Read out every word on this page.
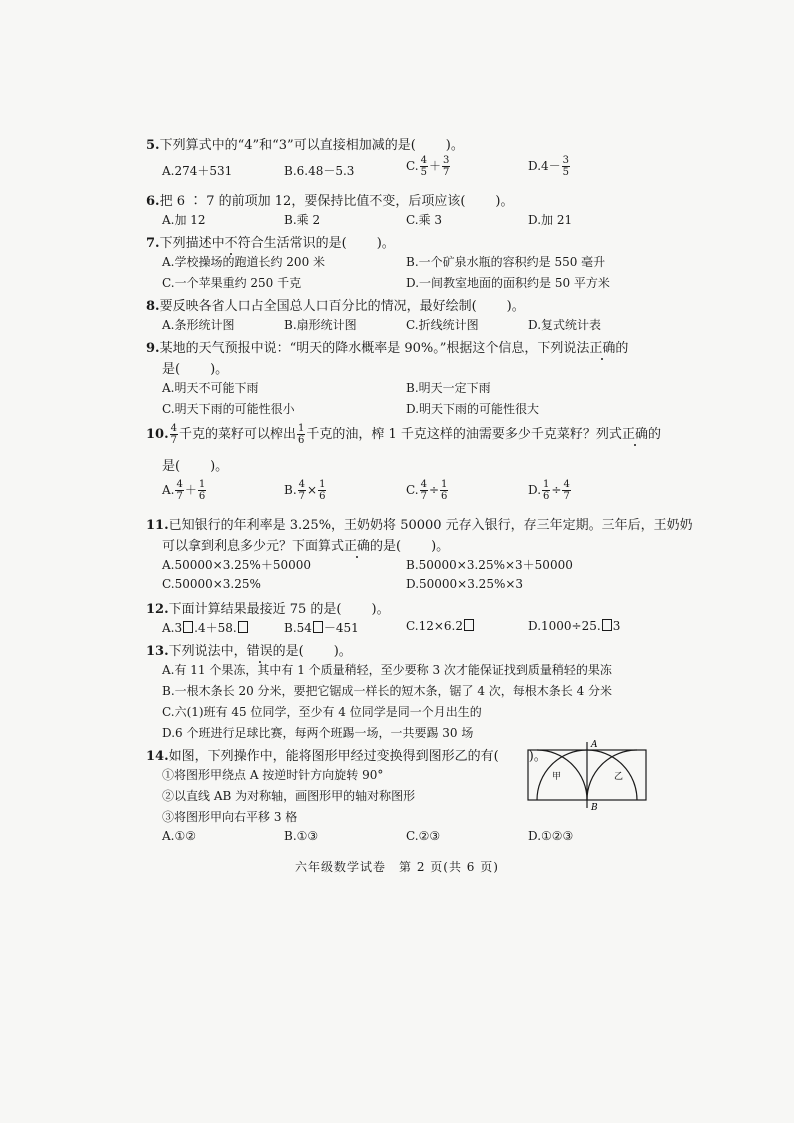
5.下列算式中的“4”和“3”可以直接相加减的是( )。
A.274＋531	B.6.48－5.3	C. $\frac{4}{5} + \frac{3}{7}$	$D.4- \frac{3}{5}$
6.把 6 ∶ 7 的前项加 12，要保持比值不变，后项应该( )。
A.加 12	B.乘 2	C.乘 3	D.加 21
7.下列描述中不符合生活常识的是( )。
A.学校操场的跑道长约 200 米	B.一个矿泉水瓶的容积约是 550 毫升
C.一个苹果重约 250 千克	D.一间教室地面的面积约是 50 平方米
8.要反映各省人口占全国总人口百分比的情况，最好绘制( )。
A.条形统计图	B.扇形统计图	C.折线统计图	D.复式统计表
9.某地的天气预报中说：“明天的降水概率是 90%。”根据这个信息，下列说法正确的
是( )。
A.明天不可能下雨	B.明天一定下雨
C.明天下雨的可能性很小	D.明天下雨的可能性很大
10. $\frac{4}{7}$ 千克的菜籽可以榨出 $\frac{1}{6}$ 千克的油，榨 1 千克这样的油需要多少千克菜籽？列式正确的
是( )。
A. $\frac{4}{7} + \frac{1}{6}$	B. $\frac{4}{7} \times \frac{1}{6}$	C. $\frac{4}{7} \div \frac{1}{6}$	D. $\frac{1}{6} \div \frac{4}{7}$
11.已知银行的年利率是 3.25%，王奶奶将 50000 元存入银行，存三年定期。三年后，王奶奶
可以拿到利息多少元？下面算式正确的是( )。
A.50000×3.25%＋50000	B.50000×3.25%×3＋50000
C.50000×3.25%	D.50000×3.25%×3
12.下面计算结果最接近 75 的是( )。
A.3 .4＋58.	B.54 －451	C.12×6.2	D.1000÷25. 3
13.下列说法中，错误的是( )。
A.有 11 个果冻，其中有 1 个质量稍轻，至少要称 3 次才能保证找到质量稍轻的果冻
B.一根木条长 20 分米，要把它锯成一样长的短木条，锯了 4 次，每根木条长 4 分米
C.六(1)班有 45 位同学，至少有 4 位同学是同一个月出生的
D.6 个班进行足球比赛，每两个班踢一场，一共要踢 30 场
14.如图，下列操作中，能将图形甲经过变换得到图形乙的有( )。
①将图形甲绕点 A 按逆时针方向旋转 90°
②以直线 AB 为对称轴，画图形甲的轴对称图形
③将图形甲向右平移 3 格
A.①②	B.①③	C.②③	D.①②③
A
B
甲	乙
六年级数学试卷　第 2 页(共 6 页)
